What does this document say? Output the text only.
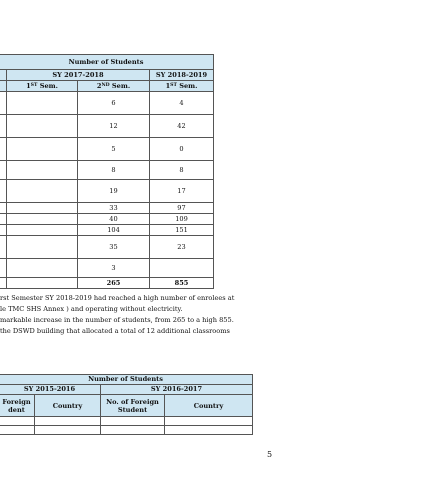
Number of Students			
	SY 2017-2018		SY 2018-2019
	1ST Sem.	2ND Sem.	1ST Sem.
		6	4
		12	42
		5	0
		8	8
		19	17
		33	97
		40	109
		104	151
		35	23
		3	
		265	855

rst Semester SY 2018-2019 had reached a high number of enrolees at

le TMC SHS Annex ) and operating without electricity.

markable increase in the number of students, from 265 to a high 855.

the DSWD building that allocated a total of 12 additional classrooms

Number of Students			
SY 2015-2016		SY 2016-2017	
Foreign
dent	Country	No. of Foreign Student	Country

5
